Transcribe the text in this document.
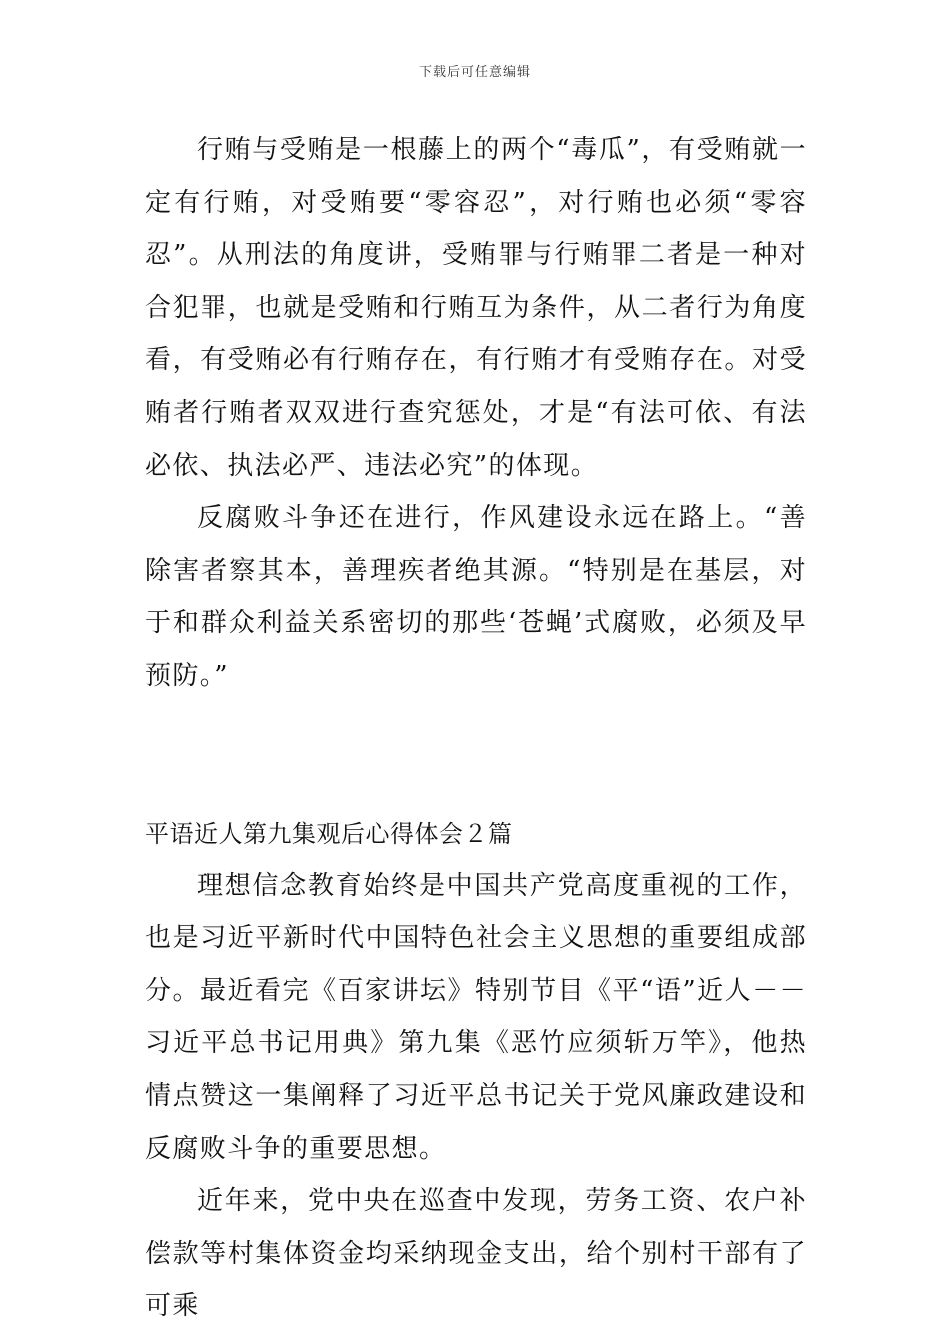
下载后可任意编辑

行贿与受贿是一根藤上的两个“毒瓜”，有受贿就一定有行贿，对受贿要“零容忍”，对行贿也必须“零容忍”。从刑法的角度讲，受贿罪与行贿罪二者是一种对合犯罪，也就是受贿和行贿互为条件，从二者行为角度看，有受贿必有行贿存在，有行贿才有受贿存在。对受贿者行贿者双双进行查究惩处，才是“有法可依、有法必依、执法必严、违法必究”的体现。

反腐败斗争还在进行，作风建设永远在路上。“善除害者察其本，善理疾者绝其源。“特别是在基层，对于和群众利益关系密切的那些‘苍蝇’式腐败，必须及早预防。”

平语近人第九集观后心得体会２篇

理想信念教育始终是中国共产党高度重视的工作，也是习近平新时代中国特色社会主义思想的重要组成部分。最近看完《百家讲坛》特别节目《平“语”近人－－习近平总书记用典》第九集《恶竹应须斩万竿》，他热情点赞这一集阐释了习近平总书记关于党风廉政建设和反腐败斗争的重要思想。

近年来，党中央在巡查中发现，劳务工资、农户补偿款等村集体资金均采纳现金支出，给个别村干部有了可乘
